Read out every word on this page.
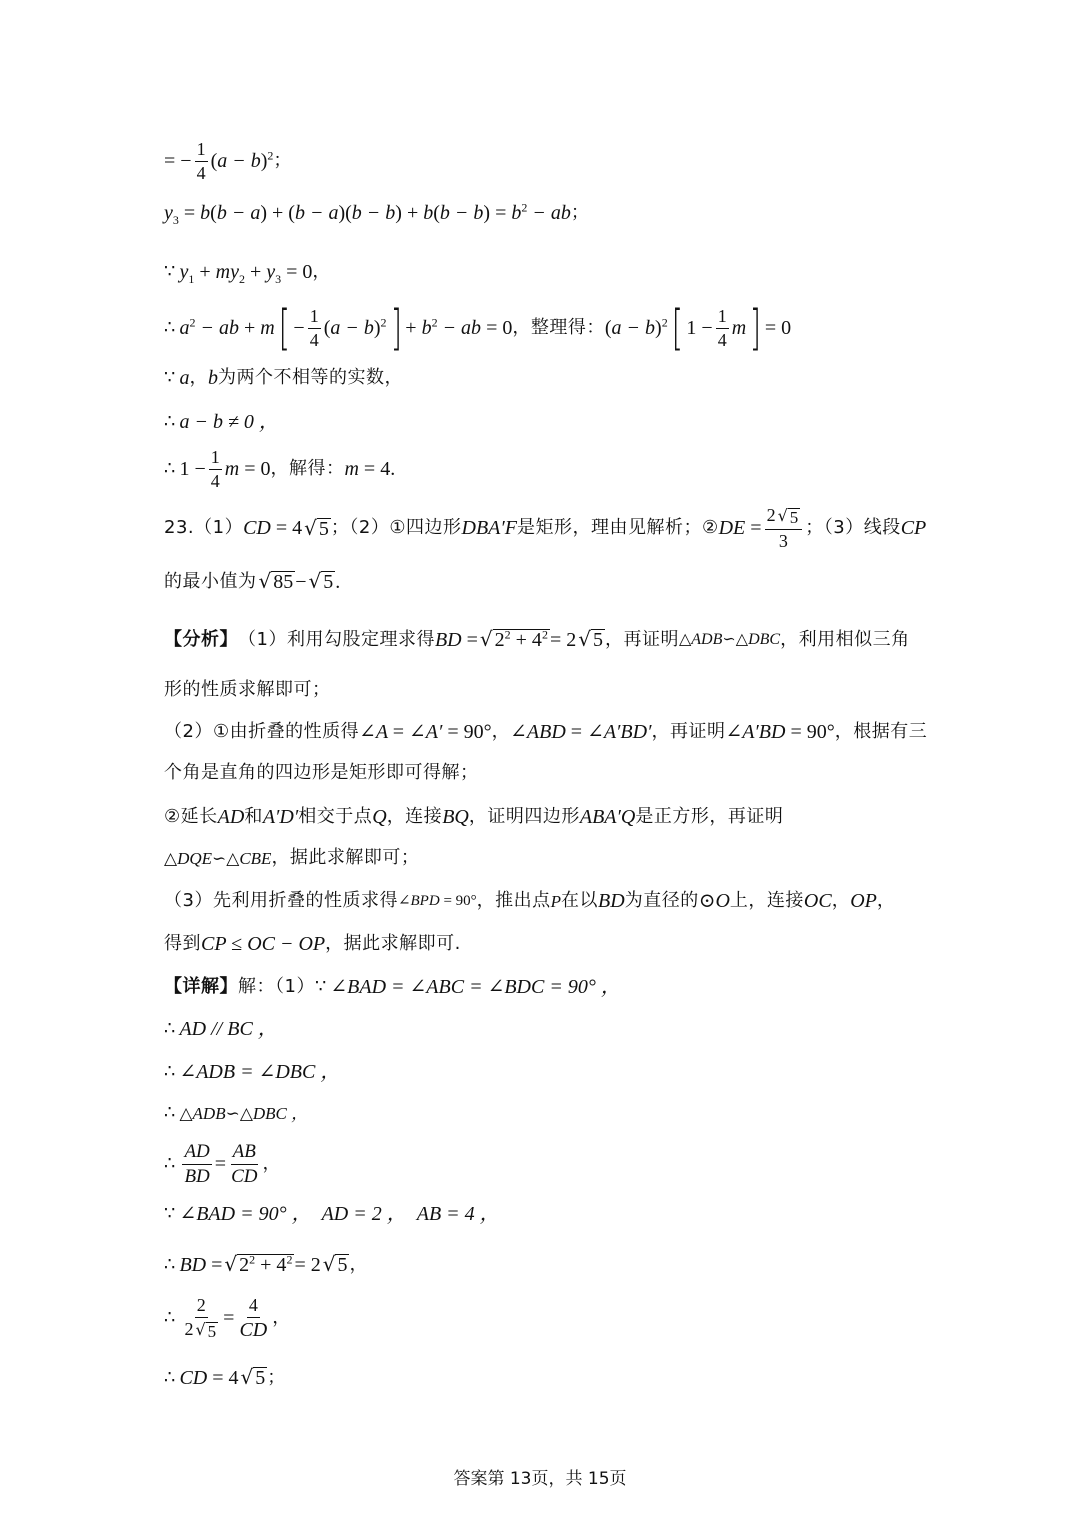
= − $\frac{1}{4} (a - b)^2$ ；
$y_3 = b(b - a) + (b - a)(b - b) + b(b - b) = b^2$ − ab ；
∵ $y_1 + my_2 + y_3 = 0$ ，
∴ $a^2$ − ab + m [ − $\frac{1}{4} (a - b)^2$ ] + $b^2$ − ab = 0 ，整理得： $(a - b)^2$ [ $1 - \frac{1}{4}$ m ] = 0
∵ a ， b 为两个不相等的实数，
∴ a − b ≠ 0 ，
∴ $1 - \frac{1}{4}$ m = 0 ，解得： m = 4 .
23.（1） CD = 4 √ 5 ；（2）①四边形 DBA′F 是矩形，理由见解析；② DE = $\frac{2 √ 5}{3}$ ；（3）线段 CP
的最小值为 √ 85 − √ 5 .
【分析】 （1）利用勾股定理求得 BD = √ $2^2 + 4^2 = 2$ √ 5 ，再证明 △ADB∽△DBC ，利用相似三角
形的性质求解即可；
（2）①由折叠的性质得 ∠A = ∠A′ = 90° ， ∠ABD = ∠A′BD′ ，再证明 ∠A′BD = 90° ，根据有三
个角是直角的四边形是矩形即可得解；
②延长 AD 和 A′D′ 相交于点 Q ，连接 BQ ，证明四边形 ABA′Q 是正方形，再证明
△DQE∽△CBE ，据此求解即可；
（3）先利用折叠的性质求得 ∠BPD = 90° ，推出点 P 在以 BD 为直径的 ⊙O 上，连接 OC ， OP ，
得到 CP ≤ OC − OP ，据此求解即可.
【详解】 解：（1） ∵ ∠BAD = ∠ABC = ∠BDC = 90° ，
∴ AD // BC ，
∴ ∠ADB = ∠DBC ，
∴ △ADB∽△DBC ，
∴ $\frac{AD}{BD} = \frac{AB}{CD}$ ，
∵ ∠BAD = 90° ， AD = 2 ， AB = 4 ，
∴ BD = √ $2^2 + 4^2 = 2$ √ 5 ，
∴ $\frac{2}{2 √ 5} = \frac{4}{CD}$ ，
∴ CD = 4 √ 5 ；
答案第 13页，共 15页
